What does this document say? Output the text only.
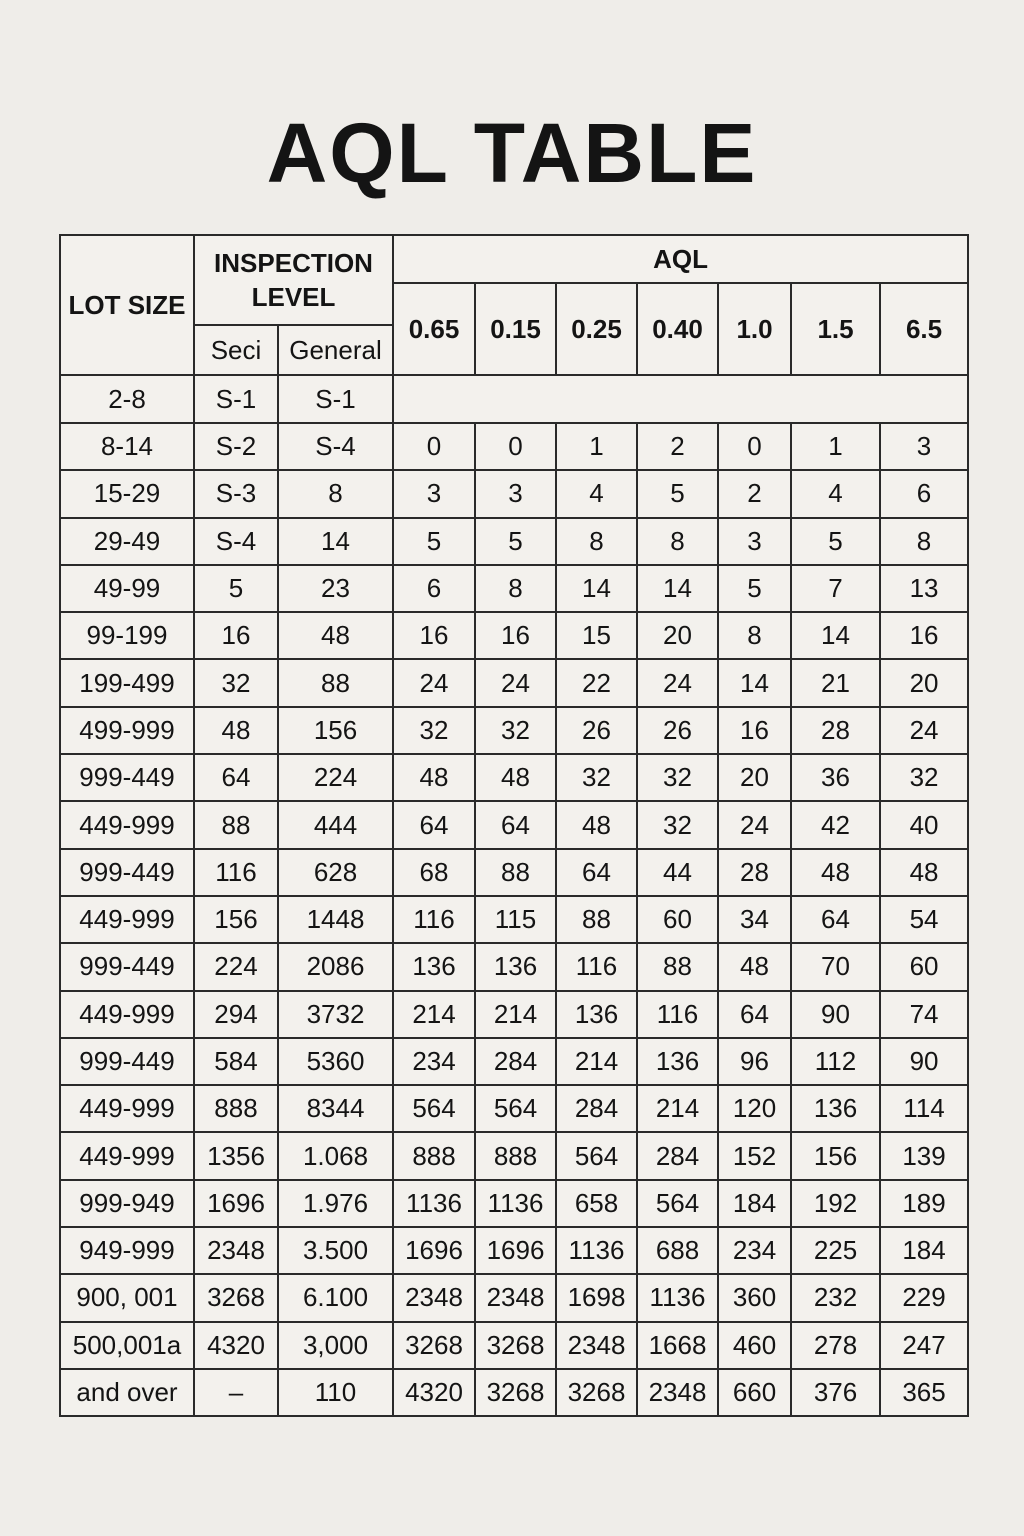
AQL TABLE
LOT SIZE	INSPECTION LEVEL		AQL							
			0.65	0.15	0.25	0.40	1.0	1.5	6.5	
	Seci	General							
2-8	S-1	S-1								
8-14	S-2	S-4	0	0	1	2	0	1	3	
15-29	S-3	8	3	3	4	5	2	4	6	
29-49	S-4	14	5	5	8	8	3	5	8	
49-99	5	23	6	8	14	14	5	7	13	
99-199	16	48	16	16	15	20	8	14	16	
199-499	32	88	24	24	22	24	14	21	20	
499-999	48	156	32	32	26	26	16	28	24	
999-449	64	224	48	48	32	32	20	36	32	
449-999	88	444	64	64	48	32	24	42	40	
999-449	116	628	68	88	64	44	28	48	48	
449-999	156	1448	116	115	88	60	34	64	54	
999-449	224	2086	136	136	116	88	48	70	60	
449-999	294	3732	214	214	136	116	64	90	74	
999-449	584	5360	234	284	214	136	96	112	90	
449-999	888	8344	564	564	284	214	120	136	114	
449-999	1356	1.068	888	888	564	284	152	156	139	
999-949	1696	1.976	1136	1136	658	564	184	192	189	
949-999	2348	3.500	1696	1696	1136	688	234	225	184	
900, 001	3268	6.100	2348	2348	1698	1136	360	232	229	
500,001a	4320	3,000	3268	3268	2348	1668	460	278	247	
and over	–	110	4320	3268	3268	2348	660	376	365	
